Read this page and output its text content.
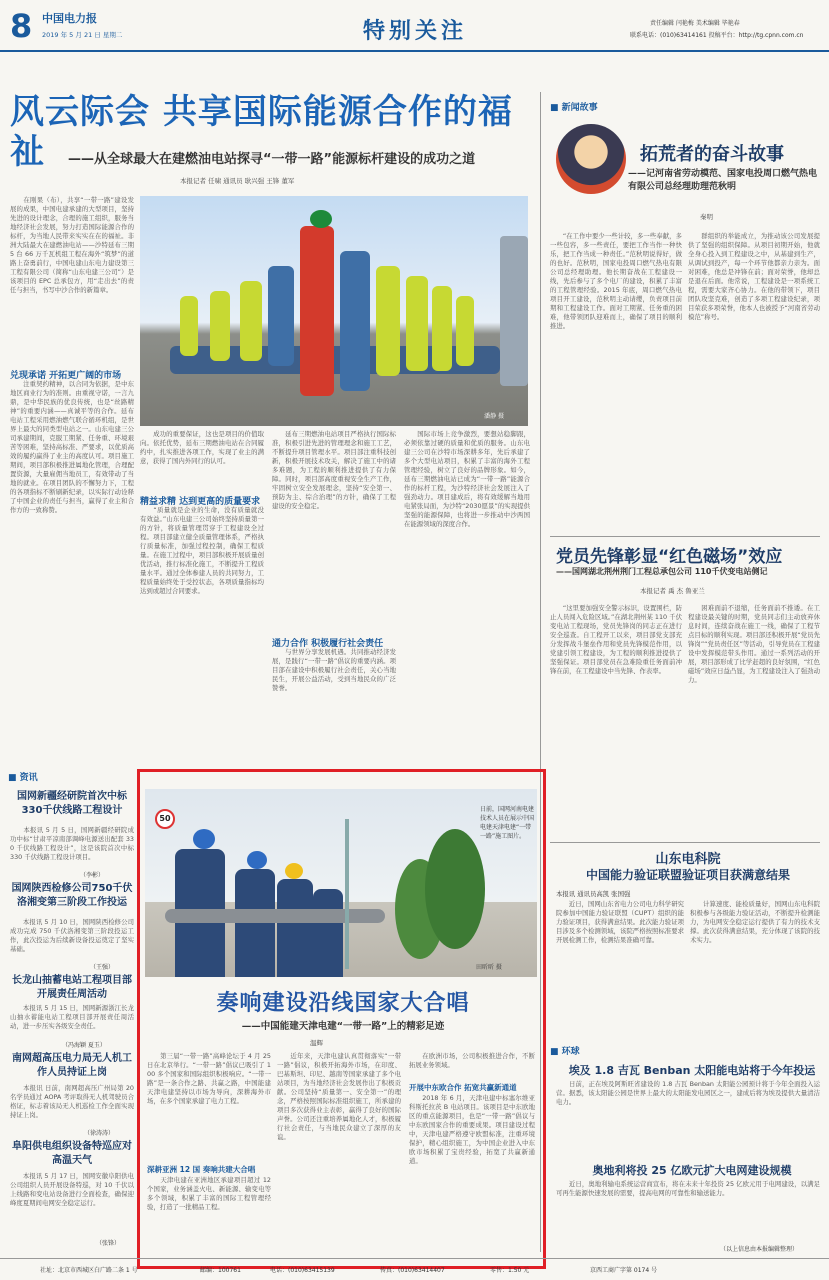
8 中国电力报
2019 年 5 月 21 日 星期二	特别关注	责任编辑 闫艳梅 美术编辑 毕艳春
联系电话：(010)63414161 投稿平台：http://tg.cpnn.com.cn
风云际会 共享国际能源合作的福祉	——从全球最大在建燃油电站探寻“一带一路”能源标杆建设的成功之道
本报记者 任啸 通讯员 耿兴强 王锋 董军
　　在刚果（布），共享“一带一路”建设发展的成果，中国电建承建的大型项目，坚持先进的设计理念，合理的施工组织，服务当地经济社会发展，努力打造国际能源合作的标杆，为当地人民带来实实在在的福祉。非洲大陆最大在建燃油电站——沙特延布三期 5 台 66 万千瓦机组工程在海外“筑梦”的道路上奋勇前行，中国电建山东电力建设第三工程有限公司（简称“山东电建三公司”）是该项目的 EPC 总承包方，用“走出去”的责任与担当，书写中沙合作的新篇章。
兑现承诺 开拓更广阔的市场
　　注重契约精神，以合同为依据，是中东地区商业行为的准则。由重视守诺，一言九鼎，是中华民族的优良传统，也是“丝路精神”的重要内涵——真诚平等的合作。延布电站工程采用燃油燃气联合循环机组，是世界上最大的同类型电站之一。山东电建三公司承建期间，克服工期紧、任务重、环境艰苦等困难，坚持高标准、严要求，以优质高效的履约赢得了业主的高度认可。项目施工期间，项目部积极推进属地化管理，合理配置资源，大量雇佣当地员工，有效带动了当地的就业。在项目团队的不懈努力下，工程的各项指标不断刷新纪录，以实际行动诠释了中国企业的责任与担当，赢得了业主和合作方的一致称赞。
潘静 摄
　　成功的重要保证，这也是项目的价值取向。依托优势，延布三期燃油电站在合同履约中，扎实推进各项工作，实现了业主的满意，获得了国内外同行的认可。
精益求精 达到更高的质量要求
　　“质量就是企业的生命，没有质量就没有效益。”山东电建三公司始终坚持质量第一的方针，将质量管理贯穿于工程建设全过程。项目部建立健全质量管理体系，严格执行质量标准，加强过程控制，确保工程质量。在施工过程中，项目部积极开展质量创优活动，推行标准化施工，不断提升工程质量水平。通过全体参建人员的共同努力，工程质量始终处于受控状态，各项质量指标均达到或超过合同要求。
　　延布三期燃油电站项目严格执行国际标准，积极引进先进的管理理念和施工工艺，不断提升项目管理水平。项目部注重科技创新，积极开展技术攻关，解决了施工中的诸多难题，为工程的顺利推进提供了有力保障。同时，项目部高度重视安全生产工作，牢固树立安全发展理念，坚持“安全第一、预防为主、综合治理”的方针，确保了工程建设的安全稳定。
通力合作 积极履行社会责任
　　与世界分享发展机遇。共同推动经济发展，是践行“一带一路”倡议的重要内涵。项目部在建设中积极履行社会责任，关心当地民生，开展公益活动，受到当地民众的广泛赞誉。
　　国际市场上竞争激烈，要想站稳脚跟，必须依靠过硬的质量和优质的服务。山东电建三公司在沙特市场深耕多年，先后承建了多个大型电站项目，积累了丰富的海外工程管理经验，树立了良好的品牌形象。如今，延布三期燃油电站已成为“一带一路”能源合作的标杆工程，为沙特经济社会发展注入了强劲动力。项目建成后，将有效缓解当地用电紧张局面，为沙特“2030愿景”的实现提供坚强的能源保障，也将进一步推动中沙两国在能源领域的深度合作。
■ 新闻故事
拓荒者的奋斗故事
——记河南省劳动模范、国家电投周口燃气热电有限公司总经理助理范秋明
秦明
　　“在工作中要少一些计较，多一些奉献，多一些包容，多一些责任，要把工作当作一种快乐，把工作当成一种责任。”范秋明说得好，做的也好。范秋明，国家电投周口燃气热电有限公司总经理助理。他长期奋战在工程建设一线，先后参与了多个电厂的建设，积累了丰富的工程管理经验。2015 年底，周口燃气热电项目开工建设，范秋明主动请缨，负责项目前期和工程建设工作。面对工期紧、任务重的困难，他带领团队迎难而上，确保了项目的顺利推进。
　　群组织的举能成立，为推动该公司发展提供了坚强的组织保障。从项目初期开始，他就全身心投入到工程建设之中，从基建到生产，从调试到投产，每一个环节他都亲力亲为。面对困难，他总是冲锋在前；面对荣誉，他却总是退在后面。他常说，工程建设是一项系统工程，需要大家齐心协力。在他的带领下，项目团队攻坚克难，创造了多项工程建设纪录，项目荣获多项荣誉，他本人也被授予“河南省劳动模范”称号。
党员先锋彰显“红色磁场”效应
——国网湖北荆州荆门工程总承包公司 110千伏变电站侧记
本报记者 禹 杰 鲁亚兰
　　“这里要加强安全警示标识，设置围栏，防止人员闯入危险区域。”在湖北荆州某 110 千伏变电站工程现场，党员先锋岗的同志正在进行安全巡查。自工程开工以来，项目部党支部充分发挥战斗堡垒作用和党员先锋模范作用，以党建引领工程建设，为工程的顺利推进提供了坚强保证。项目部党员在急难险重任务面前冲锋在前，在工程建设中当先锋、作表率。
　　困难面前不退缩，任务面前不推诿。在工程建设最关键的时期，党员同志们主动放弃休息时间，连续奋战在施工一线，确保了工程节点目标的顺利实现。项目部还积极开展“党员先锋岗”“党员责任区”等活动，引导党员在工程建设中发挥模范带头作用。通过一系列活动的开展，项目部形成了比学赶超的良好氛围，“红色磁场”效应日益凸显，为工程建设注入了强劲动力。
山东电科院
中国能力验证联盟验证项目获满意结果
本报讯 通讯员高凯 张国强
　　近日，国网山东省电力公司电力科学研究院参加中国能力验证联盟（CUPT）组织的能力验证项目，获得满意结果。此次能力验证项目涉及多个检测领域，该院严格按照标准要求开展检测工作，检测结果准确可靠。
　　计算速度、能检质量好，国网山东电科院积极参与各级能力验证活动，不断提升检测能力，为电网安全稳定运行提供了有力的技术支撑。此次获得满意结果，充分体现了该院的技术实力。
■ 环球
埃及 1.8 吉瓦 Benban 太阳能电站将于今年投运
　　日前，正在埃及阿斯旺省建设的 1.8 吉瓦 Benban 太阳能公园预计将于今年全面投入运营。据悉，该太阳能公园是世界上最大的太阳能发电园区之一，建成后将为埃及提供大量清洁电力。
奥地利将投 25 亿欧元扩大电网建设规模
　　近日，奥地利输电系统运营商宣布，将在未来十年投资 25 亿欧元用于电网建设，以满足可再生能源快速发展的需要，提高电网的可靠性和输送能力。
（以上信息由本报编辑整理）
■ 资讯
国网新疆经研院首次中标330千伏线路工程设计
　　本报讯 5 月 5 日，国网新疆经研院成功中标“甘肃平凉南部调峰电源送出配套 330 千伏线路工程设计”，这是该院首次中标 330 千伏线路工程设计项目。
（李彬）
国网陕西检修公司750千伏洛湘变第三阶段工作投运
　　本报讯 5 月 10 日，国网陕西检修公司成功完成 750 千伏洛湘变第三阶段投运工作，此次投运为后续新设备投运奠定了坚实基础。
（王强）
长龙山抽蓄电站工程项目部开展责任周活动
　　本报讯 5 月 15 日，国网新源浙江长龙山抽水蓄能电站工程项目部开展责任周活动，进一步压实各级安全责任。
（冯海颖 夏玉）
南网超高压电力局无人机工作人员持证上岗
　　本报讯 日前，南网超高压广州局第 20 名学员通过 AOPA 考评取得无人机驾驶员合格证，标志着该局无人机巡检工作全面实现持证上岗。
（徐涛涛）
阜阳供电组织设备特巡应对高温天气
　　本报讯 5 月 17 日，国网安徽阜阳供电公司组织人员开展设备特巡，对 10 千伏以上线路和变电站设备进行全面检查，确保迎峰度夏期间电网安全稳定运行。
（张锋）
50
日前，国网河南电建技术人员在展示中国电建天津电建“一带一路”施工图片。
田昕昕 摄
奏响建设沿线国家大合唱
——中国能建天津电建“一带一路”上的精彩足迹
温辉
　　第三届“一带一路”高峰论坛于 4 月 25 日在北京举行。“一带一路”倡议已吸引了 100 多个国家和国际组织积极响应。“一带一路”是一条合作之路、共赢之路，中国能建天津电建坚持以市场为导向，深耕海外市场，在多个国家承建了电力工程。
深耕亚洲 12 国 奏响共建大合唱
　　天津电建在亚洲地区承建项目超过 12 个国家，业务涵盖火电、新能源、输变电等多个领域，积累了丰富的国际工程管理经验，打造了一批精品工程。
　　近年来，天津电建认真贯彻落实“一带一路”倡议，积极开拓海外市场，在印度、巴基斯坦、印尼、越南等国家承建了多个电站项目，为当地经济社会发展作出了积极贡献。公司坚持“质量第一、安全第一”的理念，严格按照国际标准组织施工，所承建的项目多次获得业主表彰，赢得了良好的国际声誉。公司还注重培养属地化人才，积极履行社会责任，与当地民众建立了深厚的友谊。
　　在欧洲市场，公司积极推进合作，不断拓展业务领域。
开展中东欧合作 拓宽共赢新通道
　　2018 年 6 月，天津电建中标塞尔维亚科斯托拉茨 B 电站项目。该项目是中东欧地区的重点能源项目，也是“一带一路”倡议与中东欧国家合作的重要成果。项目建设过程中，天津电建严格遵守欧盟标准，注重环境保护，精心组织施工，为中国企业进入中东欧市场积累了宝贵经验，拓宽了共赢新通道。
社址：北京市西城区白广路二条 1 号	邮编：100761	电话：(010)63415139	传真：(010)63414407	零售：1.50 元	京西工商广字第 0174 号
